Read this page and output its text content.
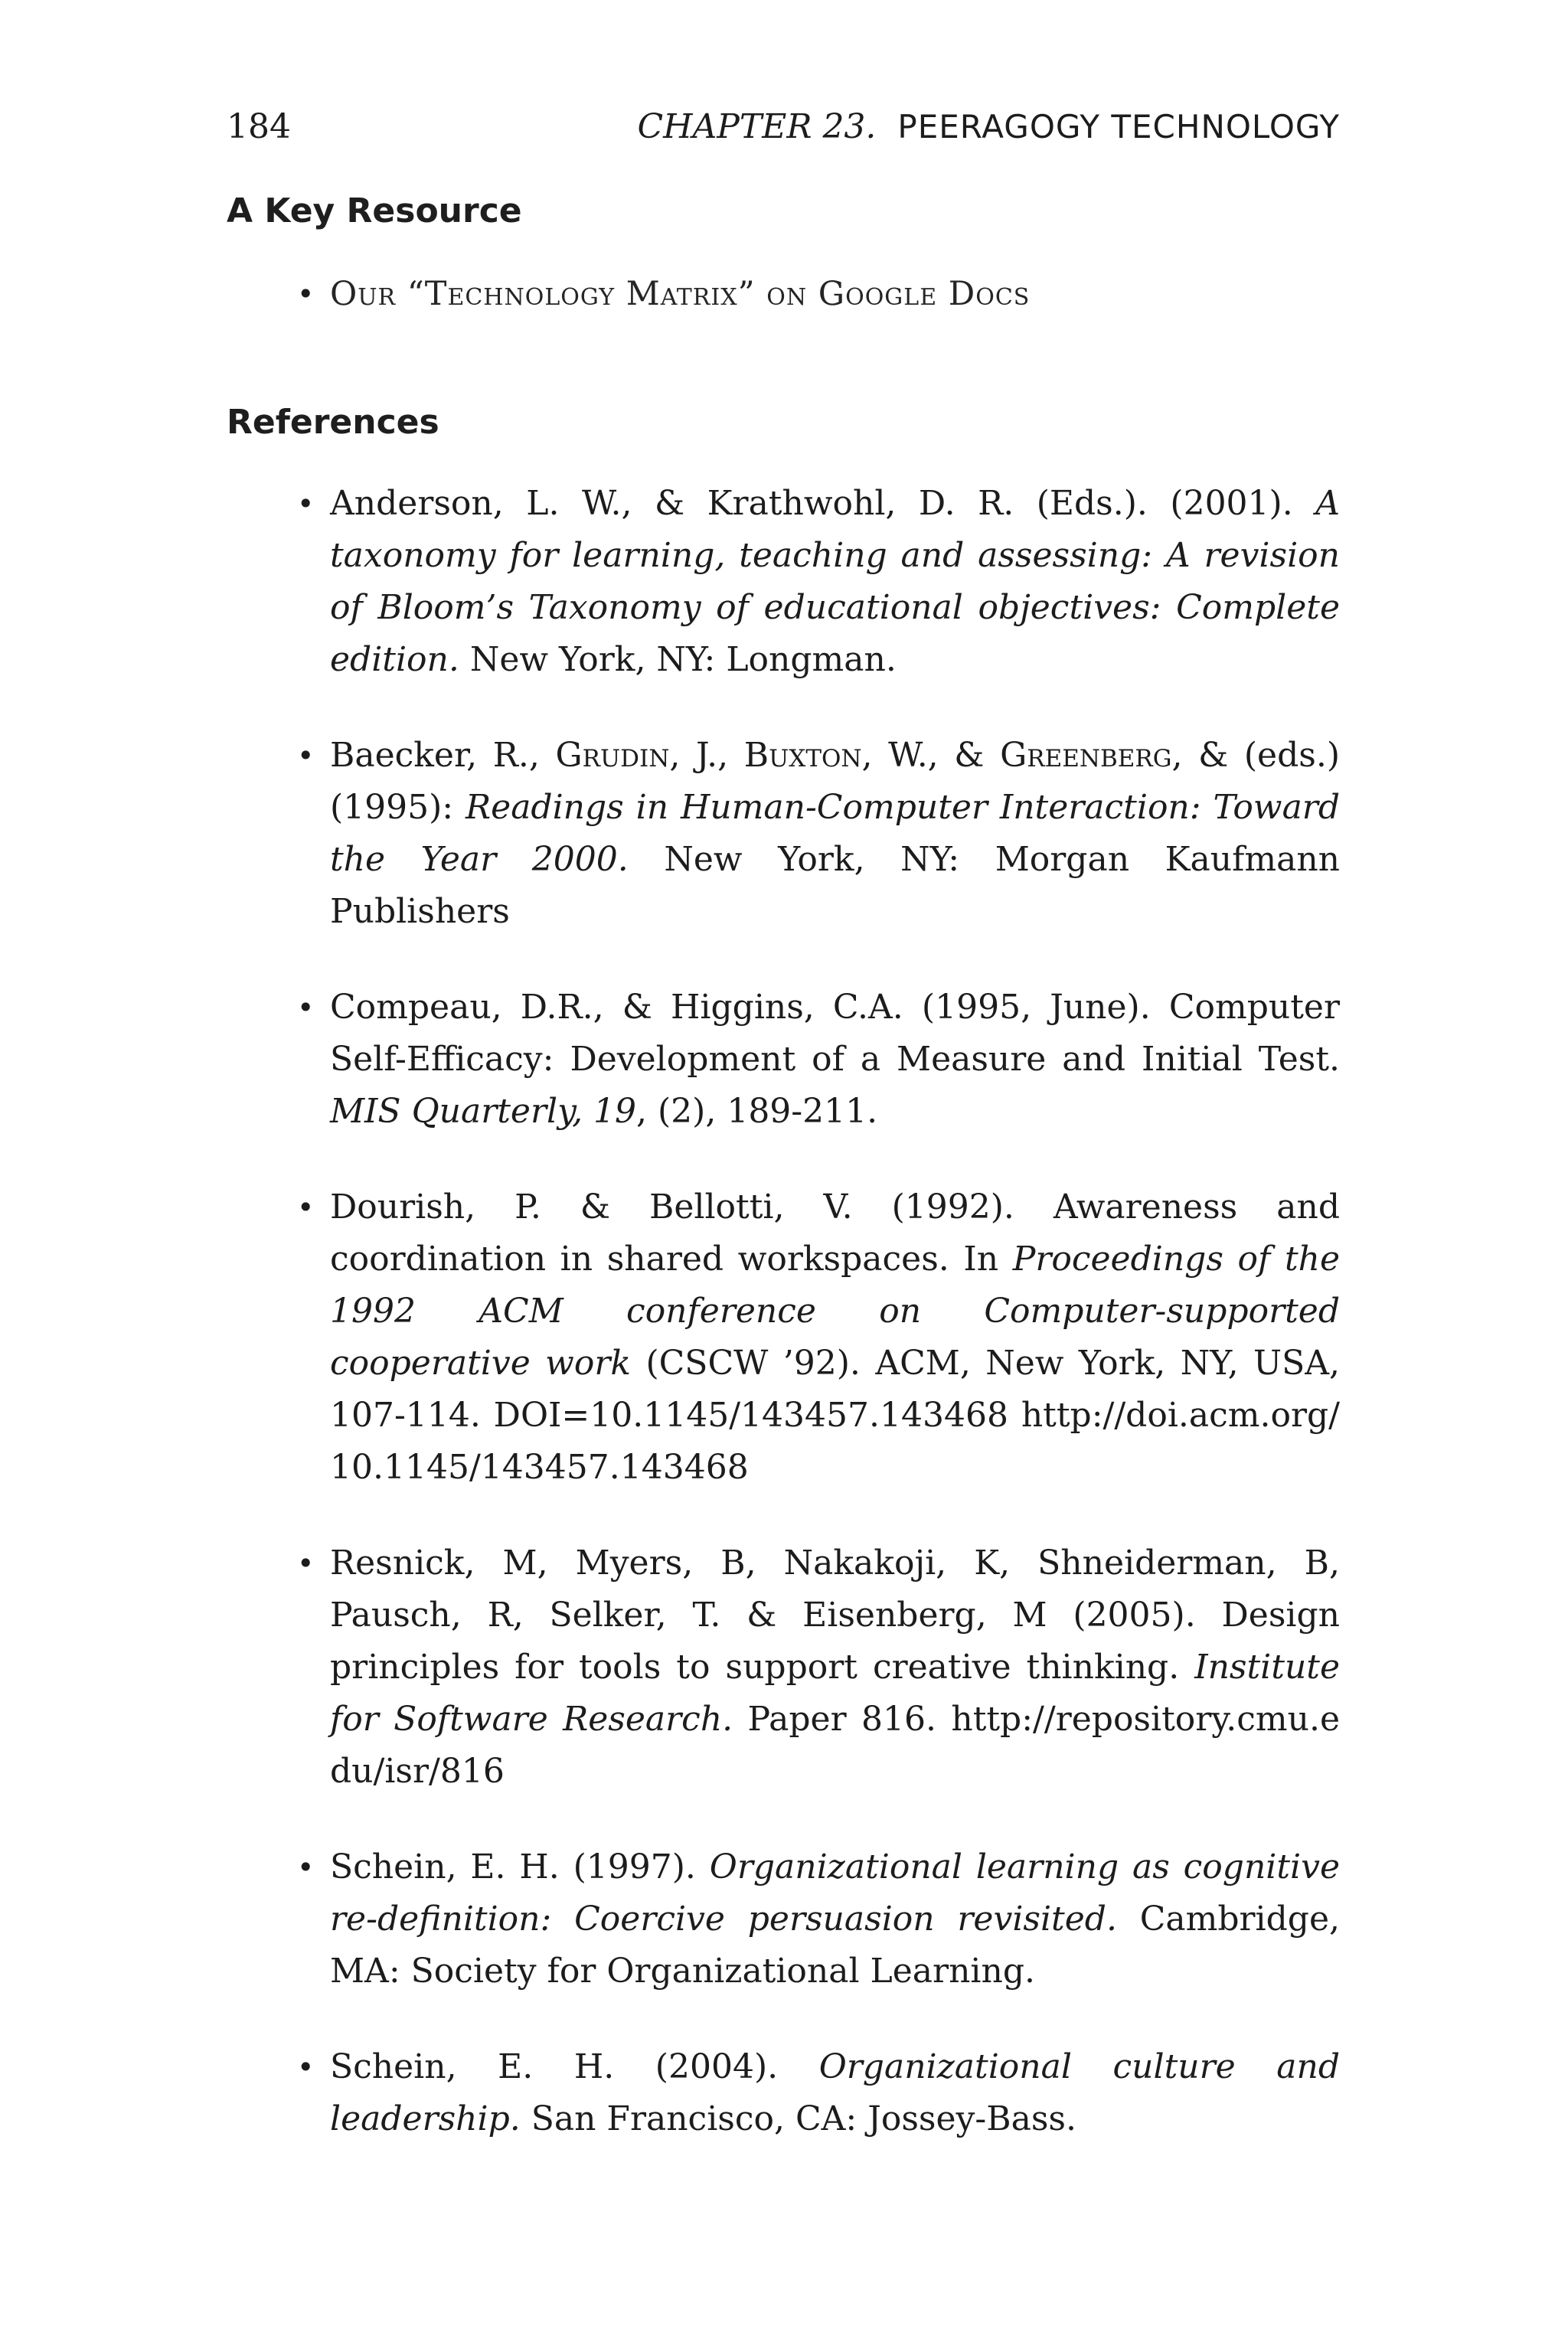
184	CHAPTER 23. PEERAGOGY TECHNOLOGY
A Key Resource
• Our “Technology Matrix” on Google Docs
References
• Anderson, L. W., & Krathwohl, D. R. (Eds.). (2001). A taxonomy for learning, teaching and assessing: A revision of Bloom’s Taxonomy of educational objectives: Complete edition. New York, NY: Longman.
• Baecker, R., Grudin, J., Buxton, W., & Greenberg, & (eds.) (1995): Readings in Human-Computer Interaction: Toward the Year 2000. New York, NY: Morgan Kaufmann Publishers
• Compeau, D.R., & Higgins, C.A. (1995, June). Computer Self-Efficacy: Development of a Measure and Initial Test. MIS Quarterly, 19, (2), 189-211.
• Dourish, P. & Bellotti, V. (1992). Awareness and coordination in shared workspaces. In Proceedings of the 1992 ACM conference on Computer-supported cooperative work (CSCW ’92). ACM, New York, NY, USA, 107-114. DOI=10.1145/143457.143468 http://doi.acm.org/10.1145/143457.143468
• Resnick, M, Myers, B, Nakakoji, K, Shneiderman, B, Pausch, R, Selker, T. & Eisenberg, M (2005). Design principles for tools to support creative thinking. Institute for Software Research. Paper 816. http://repository.cmu.edu/isr/816
• Schein, E. H. (1997). Organizational learning as cognitive re-definition: Coercive persuasion revisited. Cambridge, MA: Society for Organizational Learning.
• Schein, E. H. (2004). Organizational culture and leadership. San Francisco, CA: Jossey-Bass.
